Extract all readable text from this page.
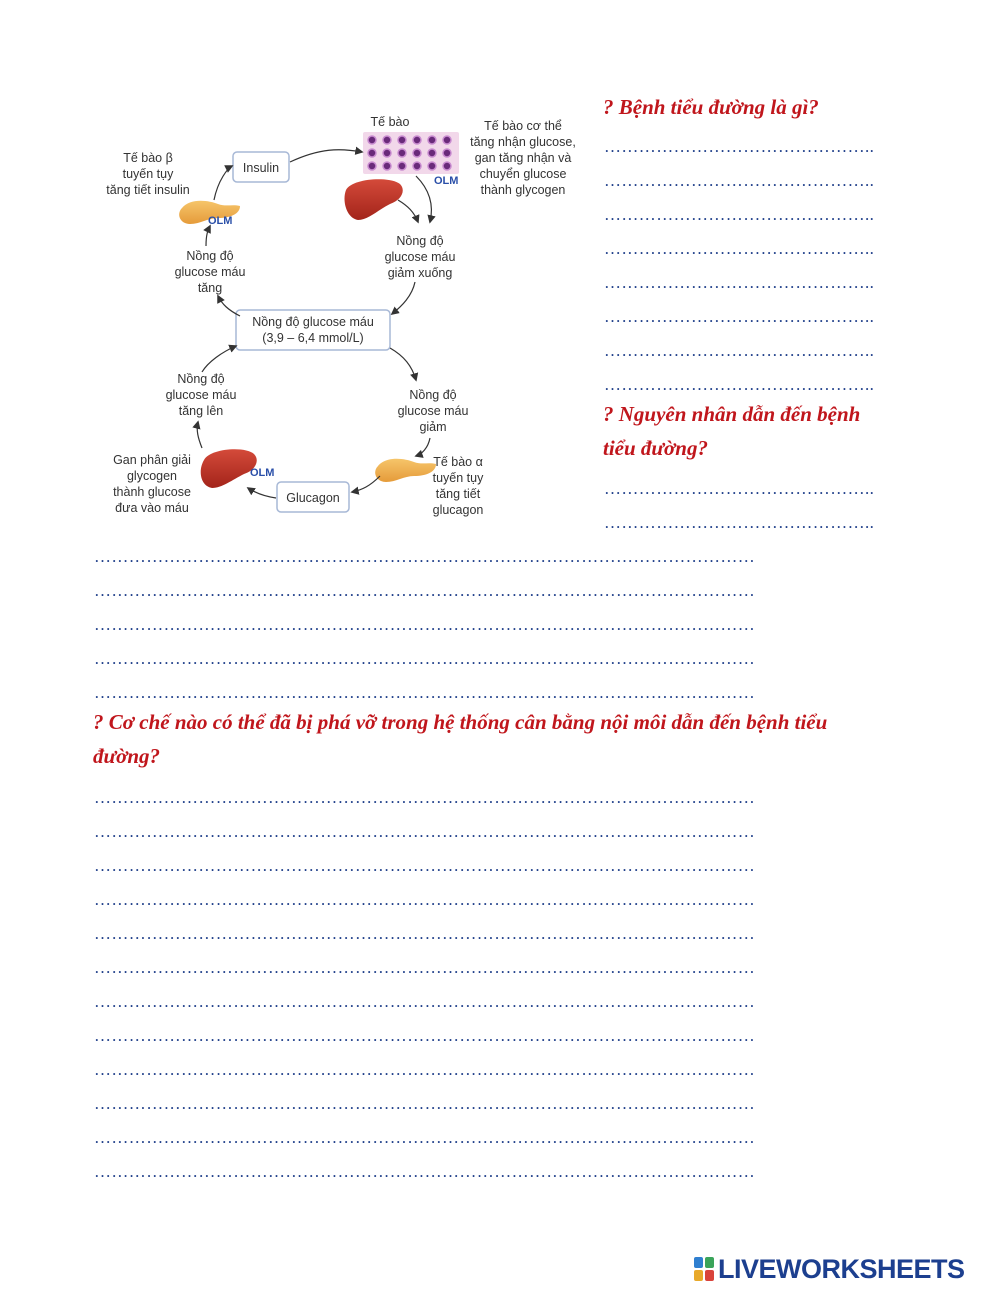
Insulin
Nồng độ glucose máu
(3,9 – 6,4 mmol/L)
Glucagon
Tế bào
OLM
OLM
OLM
Tế bào β
tuyến tụy
tăng tiết insulin
Tế bào cơ thể
tăng nhận glucose,
gan tăng nhận và
chuyển glucose
thành glycogen
Nồng độ
glucose máu
tăng
Nồng độ
glucose máu
giảm xuống
Nồng độ
glucose máu
tăng lên
Nồng độ
glucose máu
giảm
Tế bào α
tuyến tụy
tăng tiết
glucagon
Gan phân giải
glycogen
thành glucose
đưa vào máu

? Bệnh tiểu đường là gì?

………………………………………..
………………………………………..
………………………………………..
………………………………………..
………………………………………..
………………………………………..
………………………………………..
………………………………………..

? Nguyên nhân dẫn đến bệnh

tiểu đường?

………………………………………..
………………………………………..
……………………………………………………………………………………………………
……………………………………………………………………………………………………
……………………………………………………………………………………………………
……………………………………………………………………………………………………
……………………………………………………………………………………………………

? Cơ chế nào có thể đã bị phá vỡ trong hệ thống cân bằng nội môi dẫn đến bệnh tiểu

đường?

……………………………………………………………………………………………………
……………………………………………………………………………………………………
……………………………………………………………………………………………………
……………………………………………………………………………………………………
……………………………………………………………………………………………………
……………………………………………………………………………………………………
……………………………………………………………………………………………………
……………………………………………………………………………………………………
……………………………………………………………………………………………………
……………………………………………………………………………………………………
……………………………………………………………………………………………………
……………………………………………………………………………………………………
LIVEWORKSHEETS
